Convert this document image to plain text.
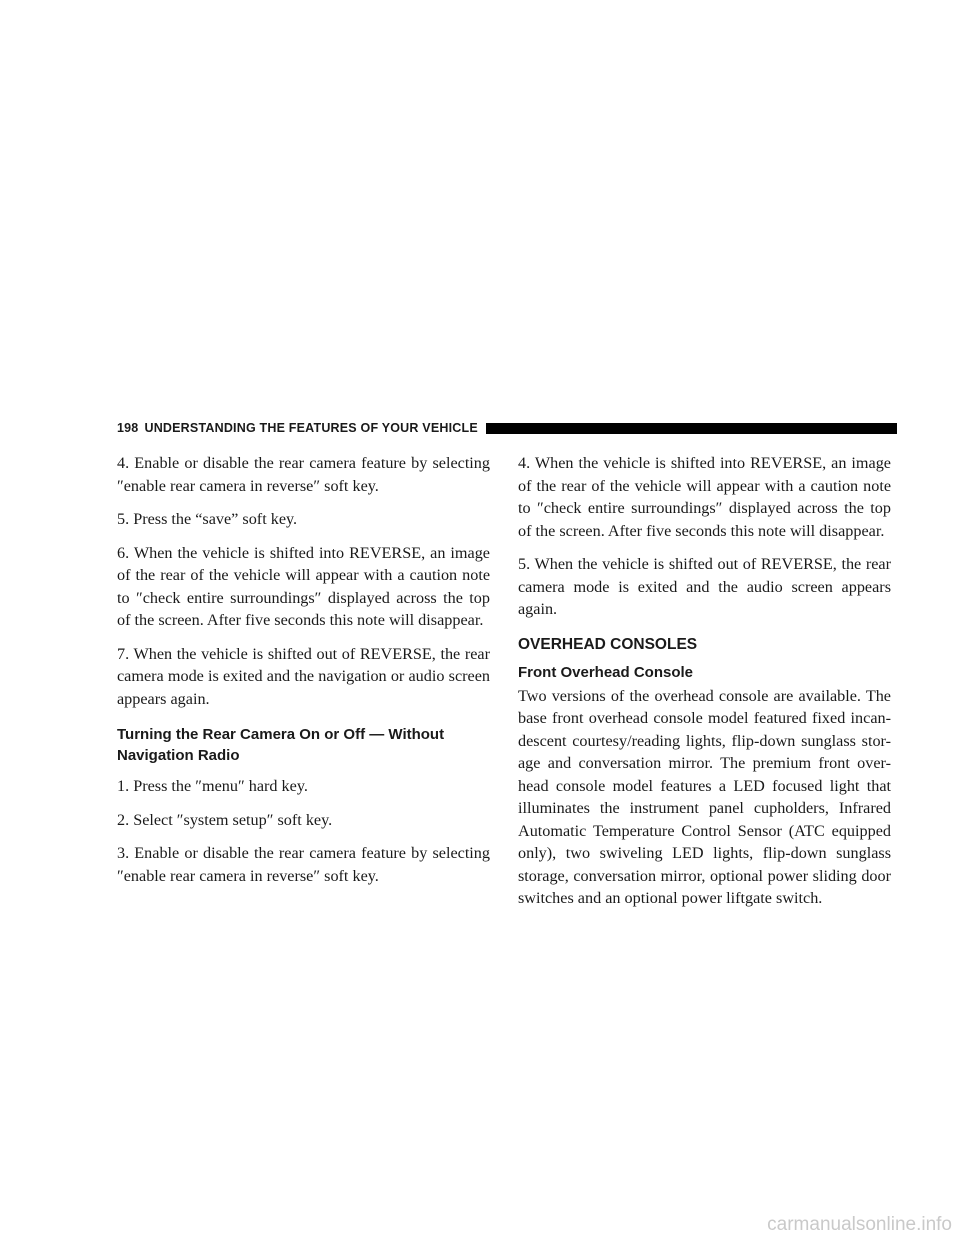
198 UNDERSTANDING THE FEATURES OF YOUR VEHICLE

4. Enable or disable the rear camera feature by selecting ″enable rear camera in reverse″ soft key.

5. Press the “save” soft key.

6. When the vehicle is shifted into REVERSE, an image of the rear of the vehicle will appear with a caution note to ″check entire surroundings″ displayed across the top of the screen. After five seconds this note will disappear.

7. When the vehicle is shifted out of REVERSE, the rear camera mode is exited and the navigation or audio screen appears again.

Turning the Rear Camera On or Off — Without Navigation Radio

1. Press the ″menu″ hard key.

2. Select ″system setup″ soft key.

3. Enable or disable the rear camera feature by selecting ″enable rear camera in reverse″ soft key.

4. When the vehicle is shifted into REVERSE, an image of the rear of the vehicle will appear with a caution note to ″check entire surroundings″ displayed across the top of the screen. After five seconds this note will disappear.

5. When the vehicle is shifted out of REVERSE, the rear camera mode is exited and the audio screen appears again.

OVERHEAD CONSOLES
Front Overhead Console

Two versions of the overhead console are available. The base front overhead console model featured fixed incan-descent courtesy/reading lights, flip-down sunglass stor-age and conversation mirror. The premium front over-head console model features a LED focused light that illuminates the instrument panel cupholders, Infrared Automatic Temperature Control Sensor (ATC equipped only), two swiveling LED lights, flip-down sunglass storage, conversation mirror, optional power sliding door switches and an optional power liftgate switch.

carmanualsonline.info
